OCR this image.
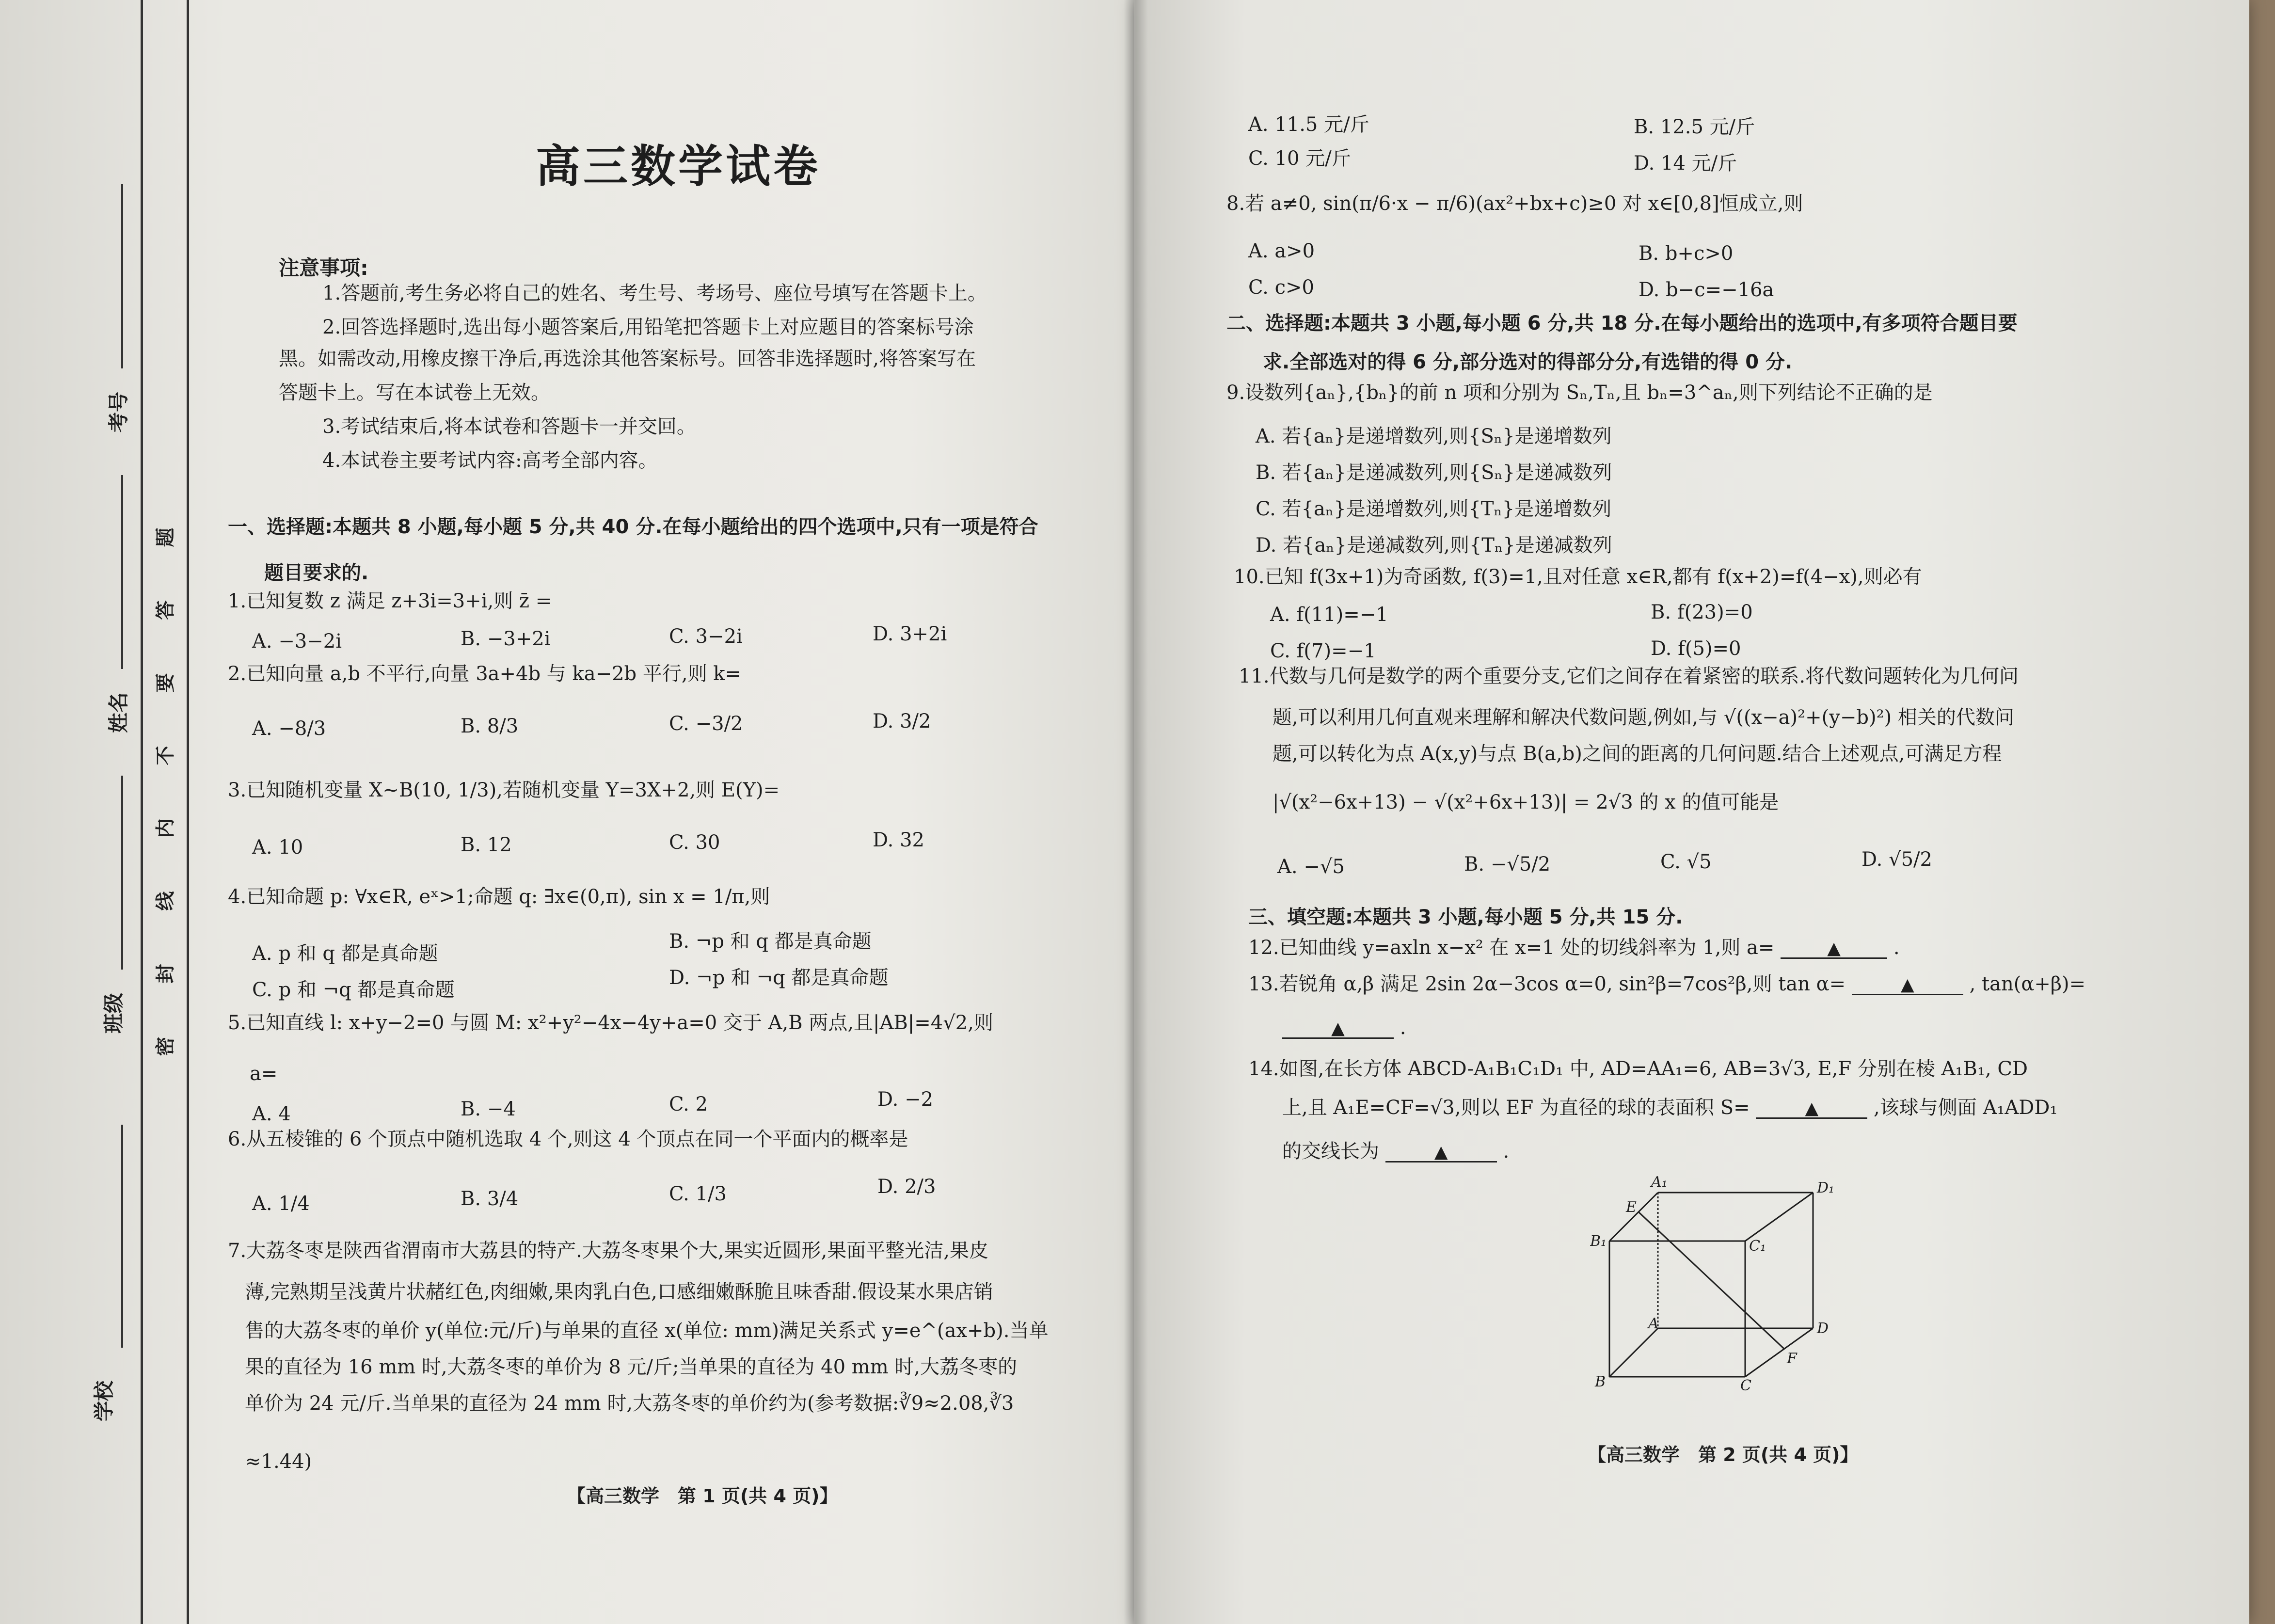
考号
姓名
班级
学校
题
答
要
不
内
线
封
密
高三数学试卷
注意事项:
1.答题前,考生务必将自己的姓名、考生号、考场号、座位号填写在答题卡上。
2.回答选择题时,选出每小题答案后,用铅笔把答题卡上对应题目的答案标号涂
黑。如需改动,用橡皮擦干净后,再选涂其他答案标号。回答非选择题时,将答案写在
答题卡上。写在本试卷上无效。
3.考试结束后,将本试卷和答题卡一并交回。
4.本试卷主要考试内容:高考全部内容。
一、选择题:本题共 8 小题,每小题 5 分,共 40 分.在每小题给出的四个选项中,只有一项是符合
题目要求的.
1.已知复数 z 满足 z+3i=3+i,则 z̄ =
A. −3−2i	B. −3+2i	C. 3−2i	D. 3+2i
2.已知向量 a,b 不平行,向量 3a+4b 与 ka−2b 平行,则 k=
A. −8/3	B. 8/3	C. −3/2	D. 3/2
3.已知随机变量 X~B(10, 1/3),若随机变量 Y=3X+2,则 E(Y)=
A. 10	B. 12	C. 30	D. 32
4.已知命题 p: ∀x∈R, eˣ>1;命题 q: ∃x∈(0,π), sin x = 1/π,则
A. p 和 q 都是真命题
B. ¬p 和 q 都是真命题
C. p 和 ¬q 都是真命题
D. ¬p 和 ¬q 都是真命题
5.已知直线 l: x+y−2=0 与圆 M: x²+y²−4x−4y+a=0 交于 A,B 两点,且|AB|=4√2,则
a=
A. 4	B. −4	C. 2	D. −2
6.从五棱锥的 6 个顶点中随机选取 4 个,则这 4 个顶点在同一个平面内的概率是
A. 1/4	B. 3/4	C. 1/3	D. 2/3
7.大荔冬枣是陕西省渭南市大荔县的特产.大荔冬枣果个大,果实近圆形,果面平整光洁,果皮
薄,完熟期呈浅黄片状赭红色,肉细嫩,果肉乳白色,口感细嫩酥脆且味香甜.假设某水果店销
售的大荔冬枣的单价 y(单位:元/斤)与单果的直径 x(单位: mm)满足关系式 y=e^(ax+b).当单
果的直径为 16 mm 时,大荔冬枣的单价为 8 元/斤;当单果的直径为 40 mm 时,大荔冬枣的
单价为 24 元/斤.当单果的直径为 24 mm 时,大荔冬枣的单价约为(参考数据:∛9≈2.08,∛3
≈1.44)
【高三数学　第 1 页(共 4 页)】
A. 11.5 元/斤	B. 12.5 元/斤
C. 10 元/斤	D. 14 元/斤
8.若 a≠0, sin(π/6·x − π/6)(ax²+bx+c)≥0 对 x∈[0,8]恒成立,则
A. a>0	B. b+c>0
C. c>0	D. b−c=−16a
二、选择题:本题共 3 小题,每小题 6 分,共 18 分.在每小题给出的选项中,有多项符合题目要
求.全部选对的得 6 分,部分选对的得部分分,有选错的得 0 分.
9.设数列{aₙ},{bₙ}的前 n 项和分别为 Sₙ,Tₙ,且 bₙ=3^aₙ,则下列结论不正确的是
A. 若{aₙ}是递增数列,则{Sₙ}是递增数列
B. 若{aₙ}是递减数列,则{Sₙ}是递减数列
C. 若{aₙ}是递增数列,则{Tₙ}是递增数列
D. 若{aₙ}是递减数列,则{Tₙ}是递减数列
10.已知 f(3x+1)为奇函数, f(3)=1,且对任意 x∈R,都有 f(x+2)=f(4−x),则必有
A. f(11)=−1	B. f(23)=0
C. f(7)=−1	D. f(5)=0
11.代数与几何是数学的两个重要分支,它们之间存在着紧密的联系.将代数问题转化为几何问
题,可以利用几何直观来理解和解决代数问题,例如,与 √((x−a)²+(y−b)²) 相关的代数问
题,可以转化为点 A(x,y)与点 B(a,b)之间的距离的几何问题.结合上述观点,可满足方程
|√(x²−6x+13) − √(x²+6x+13)| = 2√3 的 x 的值可能是
A. −√5	B. −√5/2	C. √5	D. √5/2
三、填空题:本题共 3 小题,每小题 5 分,共 15 分.
12.已知曲线 y=axln x−x² 在 x=1 处的切线斜率为 1,则 a=	▲	.
13.若锐角 α,β 满足 2sin 2α−3cos α=0, sin²β=7cos²β,则 tan α=	▲	, tan(α+β)=
▲	.
14.如图,在长方体 ABCD-A₁B₁C₁D₁ 中, AD=AA₁=6, AB=3√3, E,F 分别在棱 A₁B₁, CD
上,且 A₁E=CF=√3,则以 EF 为直径的球的表面积 S=	▲	,该球与侧面 A₁ADD₁
的交线长为	▲	.
A₁	D₁
B₁	C₁
A	D
B	C
E
F
【高三数学　第 2 页(共 4 页)】
